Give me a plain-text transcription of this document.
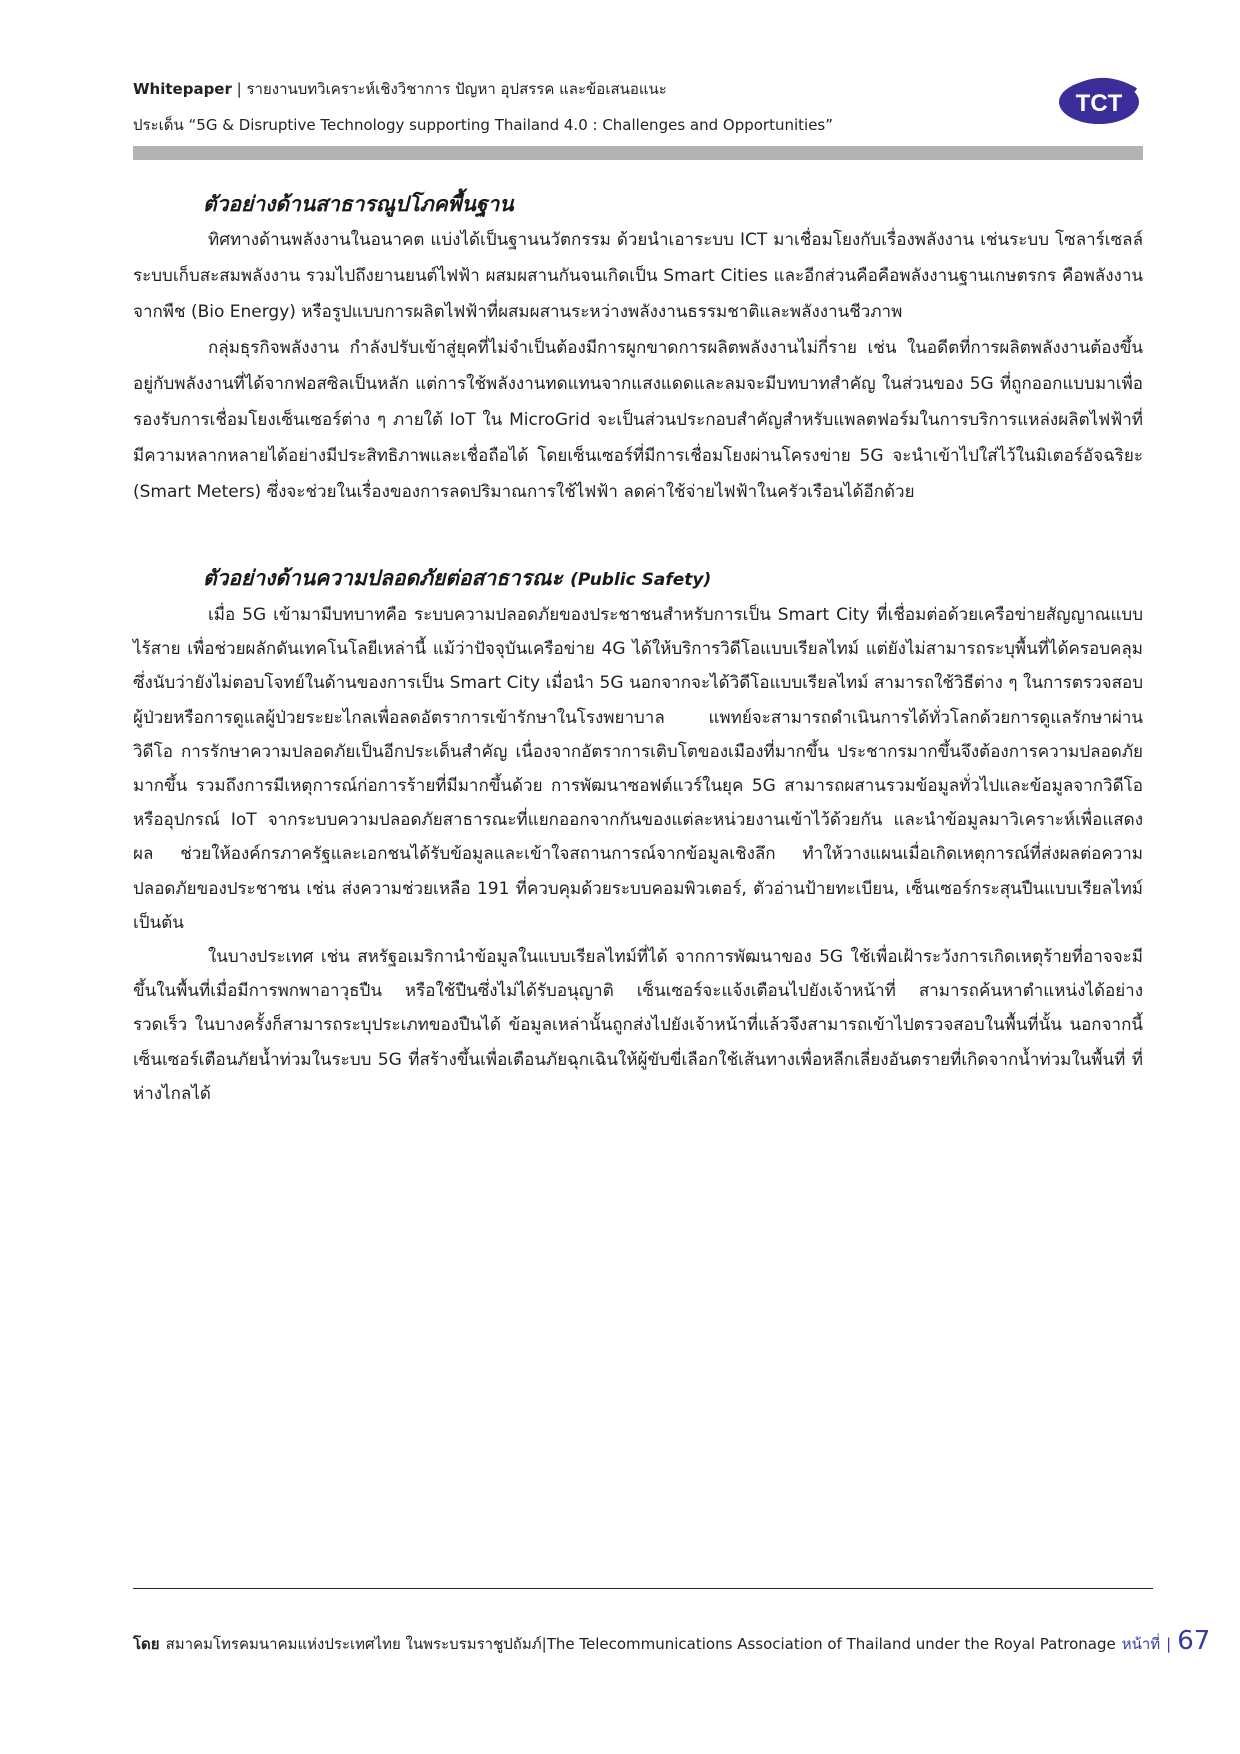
Whitepaper | รายงานบทวิเคราะห์เชิงวิชาการ ปัญหา อุปสรรค และข้อเสนอแนะ
ประเด็น “5G & Disruptive Technology supporting Thailand 4.0 : Challenges and Opportunities”
TCT
ตัวอย่างด้านสาธารณูปโภคพื้นฐาน

ทิศทางด้านพลังงานในอนาคต แบ่งได้เป็นฐานนวัตกรรม ด้วยนำเอาระบบ ICT มาเชื่อมโยงกับเรื่องพลังงาน เช่นระบบ โซลาร์เซลล์ ระบบเก็บสะสมพลังงาน รวมไปถึงยานยนต์ไฟฟ้า ผสมผสานกันจนเกิดเป็น Smart Cities และอีกส่วนคือคือพลังงานฐานเกษตรกร คือพลังงานจากพืช (Bio Energy) หรือรูปแบบการผลิตไฟฟ้าที่ผสมผสานระหว่างพลังงานธรรมชาติและพลังงานชีวภาพ

กลุ่มธุรกิจพลังงาน กำลังปรับเข้าสู่ยุคที่ไม่จำเป็นต้องมีการผูกขาดการผลิตพลังงานไม่กี่ราย เช่น ในอดีตที่การผลิตพลังงานต้องขึ้นอยู่กับพลังงานที่ได้จากฟอสซิลเป็นหลัก แต่การใช้พลังงานทดแทนจากแสงแดดและลมจะมีบทบาทสำคัญ ในส่วนของ 5G ที่ถูกออกแบบมาเพื่อรองรับการเชื่อมโยงเซ็นเซอร์ต่าง ๆ ภายใต้ IoT ใน MicroGrid จะเป็นส่วนประกอบสำคัญสำหรับแพลตฟอร์มในการบริการแหล่งผลิตไฟฟ้าที่มีความหลากหลายได้อย่างมีประสิทธิภาพและเชื่อถือได้ โดยเซ็นเซอร์ที่มีการเชื่อมโยงผ่านโครงข่าย 5G จะนำเข้าไปใส่ไว้ในมิเตอร์อัจฉริยะ (Smart Meters) ซึ่งจะช่วยในเรื่องของการลดปริมาณการใช้ไฟฟ้า ลดค่าใช้จ่ายไฟฟ้าในครัวเรือนได้อีกด้วย

ตัวอย่างด้านความปลอดภัยต่อสาธารณะ (Public Safety)

เมื่อ 5G เข้ามามีบทบาทคือ ระบบความปลอดภัยของประชาชนสำหรับการเป็น Smart City ที่เชื่อมต่อด้วยเครือข่ายสัญญาณแบบไร้สาย เพื่อช่วยผลักดันเทคโนโลยีเหล่านี้ แม้ว่าปัจจุบันเครือข่าย 4G ได้ให้บริการวิดีโอแบบเรียลไทม์ แต่ยังไม่สามารถระบุพื้นที่ได้ครอบคลุม ซึ่งนับว่ายังไม่ตอบโจทย์ในด้านของการเป็น Smart City เมื่อนำ 5G นอกจากจะได้วิดีโอแบบเรียลไทม์ สามารถใช้วิธีต่าง ๆ ในการตรวจสอบผู้ป่วยหรือการดูแลผู้ป่วยระยะไกลเพื่อลดอัตราการเข้ารักษาในโรงพยาบาล แพทย์จะสามารถดำเนินการได้ทั่วโลกด้วยการดูแลรักษาผ่านวิดีโอ การรักษาความปลอดภัยเป็นอีกประเด็นสำคัญ เนื่องจากอัตราการเติบโตของเมืองที่มากขึ้น ประชากรมากขึ้นจึงต้องการความปลอดภัยมากขึ้น รวมถึงการมีเหตุการณ์ก่อการร้ายที่มีมากขึ้นด้วย การพัฒนาซอฟต์แวร์ในยุค 5G สามารถผสานรวมข้อมูลทั่วไปและข้อมูลจากวิดีโอหรืออุปกรณ์ IoT จากระบบความปลอดภัยสาธารณะที่แยกออกจากกันของแต่ละหน่วยงานเข้าไว้ด้วยกัน และนำข้อมูลมาวิเคราะห์เพื่อแสดงผล ช่วยให้องค์กรภาครัฐและเอกชนได้รับข้อมูลและเข้าใจสถานการณ์จากข้อมูลเชิงลึก ทำให้วางแผนเมื่อเกิดเหตุการณ์ที่ส่งผลต่อความปลอดภัยของประชาชน เช่น ส่งความช่วยเหลือ 191 ที่ควบคุมด้วยระบบคอมพิวเตอร์, ตัวอ่านป้ายทะเบียน, เซ็นเซอร์กระสุนปืนแบบเรียลไทม์ เป็นต้น

ในบางประเทศ เช่น สหรัฐอเมริกานำข้อมูลในแบบเรียลไทม์ที่ได้ จากการพัฒนาของ 5G ใช้เพื่อเฝ้าระวังการเกิดเหตุร้ายที่อาจจะมีขึ้นในพื้นที่เมื่อมีการพกพาอาวุธปืน หรือใช้ปืนซึ่งไม่ได้รับอนุญาติ เซ็นเซอร์จะแจ้งเตือนไปยังเจ้าหน้าที่ สามารถค้นหาตำแหน่งได้อย่างรวดเร็ว ในบางครั้งก็สามารถระบุประเภทของปืนได้ ข้อมูลเหล่านั้นถูกส่งไปยังเจ้าหน้าที่แล้วจึงสามารถเข้าไปตรวจสอบในพื้นที่นั้น นอกจากนี้ เซ็นเซอร์เตือนภัยน้ำท่วมในระบบ 5G ที่สร้างขึ้นเพื่อเตือนภัยฉุกเฉินให้ผู้ขับขี่เลือกใช้เส้นทางเพื่อหลีกเลี่ยงอันตรายที่เกิดจากน้ำท่วมในพื้นที่ ที่ห่างไกลได้

โดย สมาคมโทรคมนาคมแห่งประเทศไทย ในพระบรมราชูปถัมภ์ | The Telecommunications Association of Thailand under the Royal Patronage หน้าที่ | 67
